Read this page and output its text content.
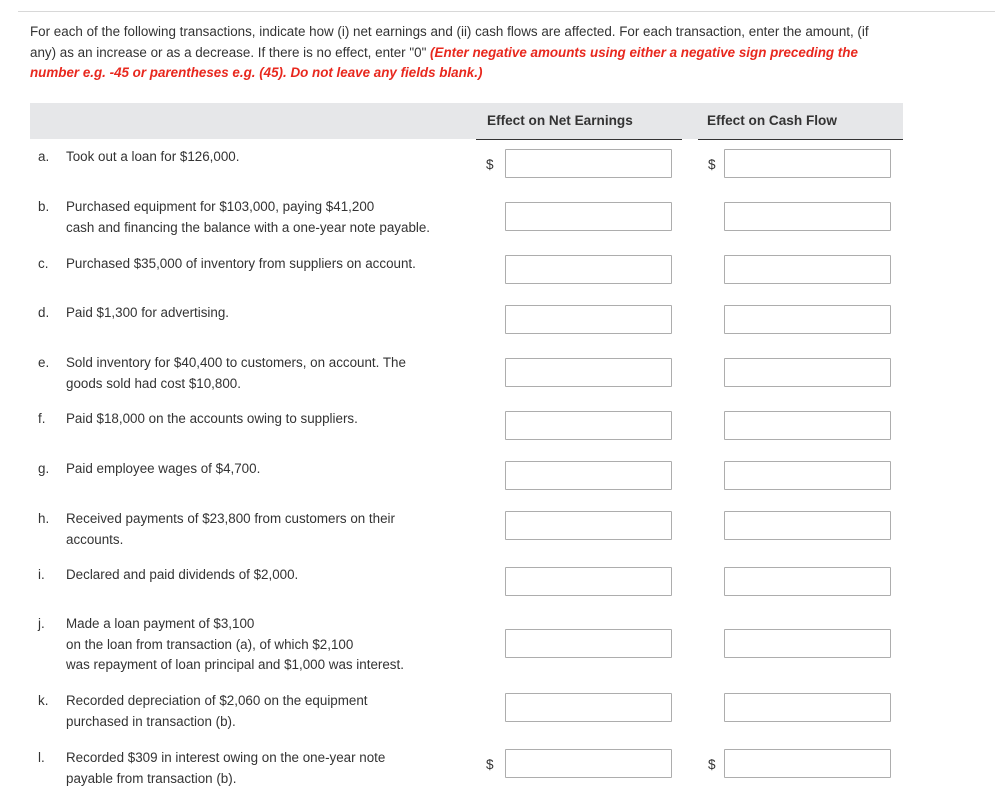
For each of the following transactions, indicate how (i) net earnings and (ii) cash flows are affected. For each transaction, enter the amount, (if any) as an increase or as a decrease. If there is no effect, enter "0" (Enter negative amounts using either a negative sign preceding the number e.g. -45 or parentheses e.g. (45). Do not leave any fields blank.)
Effect on Net Earnings	Effect on Cash Flow
a.	Took out a loan for $126,000.
$	$
b.	Purchased equipment for $103,000, paying $41,200
cash and financing the balance with a one-year note payable.
c.	Purchased $35,000 of inventory from suppliers on account.
d.	Paid $1,300 for advertising.
e.	Sold inventory for $40,400 to customers, on account. The
goods sold had cost $10,800.
f.	Paid $18,000 on the accounts owing to suppliers.
g.	Paid employee wages of $4,700.
h.	Received payments of $23,800 from customers on their
accounts.
i.	Declared and paid dividends of $2,000.
j.	Made a loan payment of $3,100
on the loan from transaction (a), of which $2,100
was repayment of loan principal and $1,000 was interest.
k.	Recorded depreciation of $2,060 on the equipment
purchased in transaction (b).
l.	Recorded $309 in interest owing on the one-year note
payable from transaction (b).
$	$
